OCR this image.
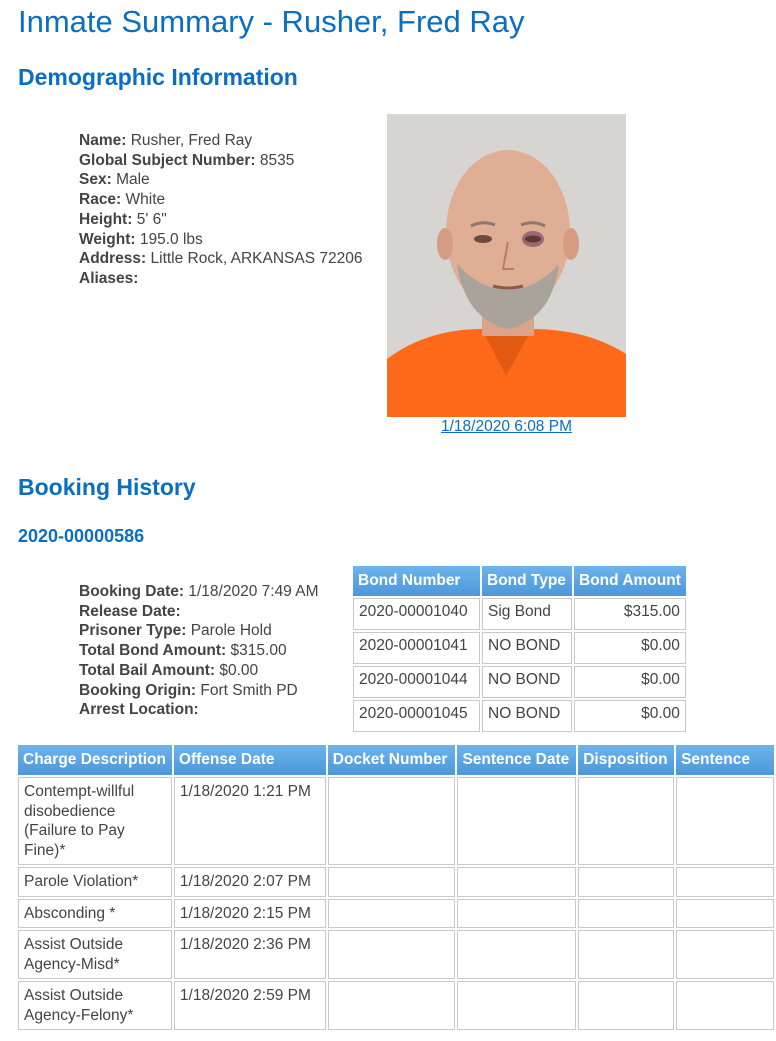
Inmate Summary - Rusher, Fred Ray
Demographic Information
Name: Rusher, Fred Ray
Global Subject Number: 8535
Sex: Male
Race: White
Height: 5' 6"
Weight: 195.0 lbs
Address: Little Rock, ARKANSAS 72206
Aliases:
1/18/2020 6:08 PM
Booking History
2020-00000586
Booking Date: 1/18/2020 7:49 AM
Release Date:
Prisoner Type: Parole Hold
Total Bond Amount: $315.00
Total Bail Amount: $0.00
Booking Origin: Fort Smith PD
Arrest Location:
Bond Number	Bond Type	Bond Amount
2020-00001040	Sig Bond	$315.00
2020-00001041	NO BOND	$0.00
2020-00001044	NO BOND	$0.00
2020-00001045	NO BOND	$0.00
Charge Description	Offense Date	Docket Number	Sentence Date	Disposition	Sentence
Contempt-willful disobedience (Failure to Pay Fine)*	1/18/2020 1:21 PM				
Parole Violation*	1/18/2020 2:07 PM				
Absconding *	1/18/2020 2:15 PM				
Assist Outside Agency-Misd*	1/18/2020 2:36 PM				
Assist Outside Agency-Felony*	1/18/2020 2:59 PM				
